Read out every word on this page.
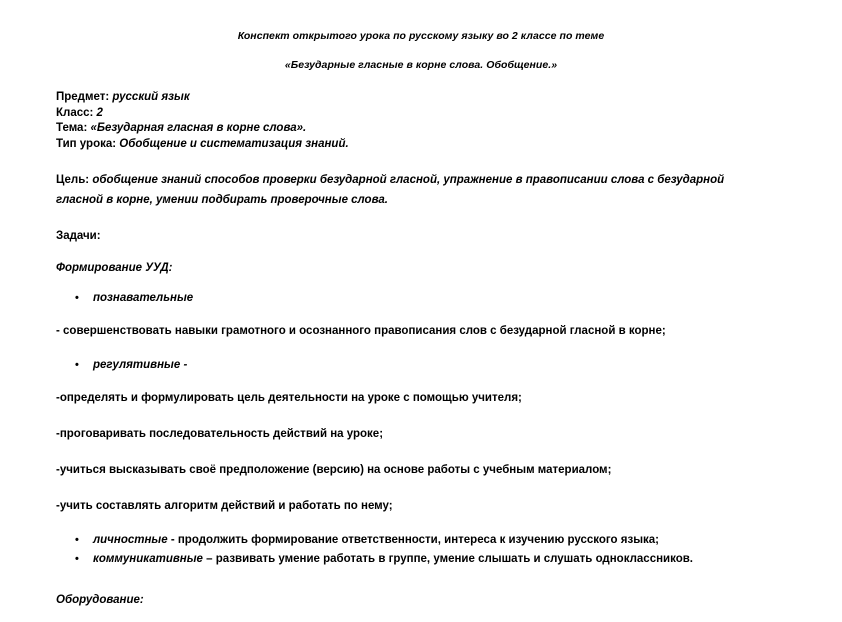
Конспект открытого урока по русскому языку во 2 классе по теме
«Безударные гласные в корне слова. Обобщение.»

Предмет: русский язык

Класс: 2

Тема: «Безударная гласная в корне слова».

Тип урока: Обобщение и систематизация знаний.

Цель: обобщение знаний способов проверки безударной гласной, упражнение в правописании слова с безударной гласной в корне, умении подбирать проверочные слова.

Задачи:

Формирование УУД:

• познавательные

- совершенствовать навыки грамотного и осознанного правописания слов с безударной гласной в корне;

• регулятивные -

-определять и формулировать цель деятельности на уроке с помощью учителя;

-проговаривать последовательность действий на уроке;

-учиться высказывать своё предположение (версию) на основе работы с учебным материалом;

-учить составлять алгоритм действий и работать по нему;

• личностные - продолжить формирование ответственности, интереса к изучению русского языка;
• коммуникативные – развивать умение работать в группе, умение слышать и слушать одноклассников.

Оборудование:
